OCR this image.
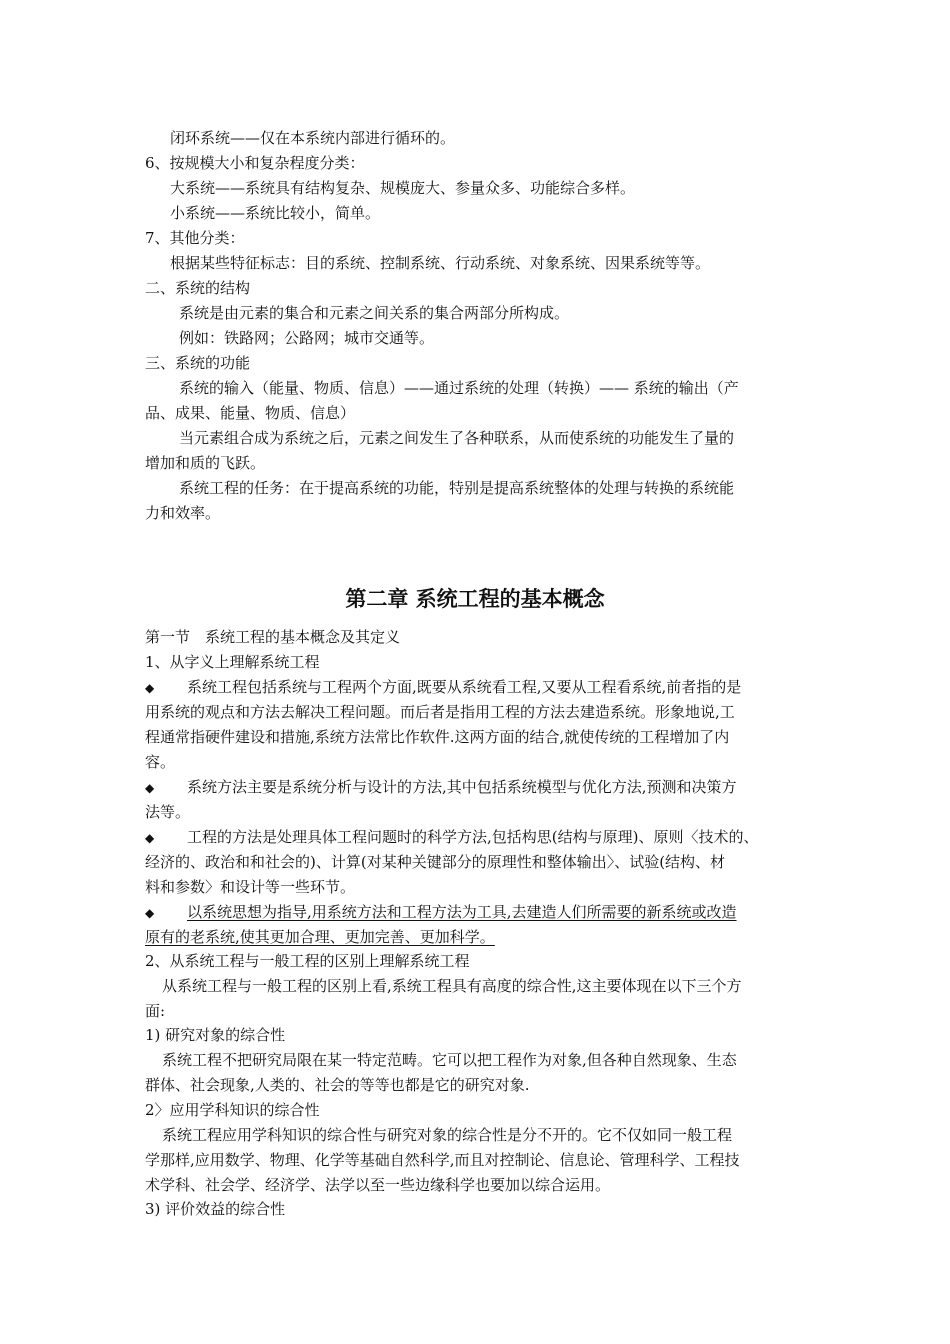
闭环系统——仅在本系统内部进行循环的。
6、按规模大小和复杂程度分类：
大系统——系统具有结构复杂、规模庞大、参量众多、功能综合多样。
小系统——系统比较小，简单。
7、其他分类：
根据某些特征标志：目的系统、控制系统、行动系统、对象系统、因果系统等等。
二、系统的结构
系统是由元素的集合和元素之间关系的集合两部分所构成。
例如：铁路网；公路网；城市交通等。
三、系统的功能
系统的输入（能量、物质、信息）——通过系统的处理（转换）—— 系统的输出（产
品、成果、能量、物质、信息）
当元素组合成为系统之后，元素之间发生了各种联系，从而使系统的功能发生了量的
增加和质的飞跃。
系统工程的任务：在于提高系统的功能，特别是提高系统整体的处理与转换的系统能
力和效率。
第二章 系统工程的基本概念
第一节　系统工程的基本概念及其定义
1、从字义上理解系统工程
◆ 系统工程包括系统与工程两个方面,既要从系统看工程,又要从工程看系统,前者指的是
用系统的观点和方法去解决工程问题。而后者是指用工程的方法去建造系统。形象地说,工
程通常指硬件建设和措施,系统方法常比作软件.这两方面的结合,就使传统的工程增加了内
容。
◆ 系统方法主要是系统分析与设计的方法,其中包括系统模型与优化方法,预测和决策方
法等。
◆ 工程的方法是处理具体工程问题时的科学方法,包括构思(结构与原理)、原则〈技术的、
经济的、政治和和社会的)、计算(对某种关键部分的原理性和整体输出〉、试验(结构、材
料和参数〉和设计等一些环节。
◆ 以系统思想为指导,用系统方法和工程方法为工具,去建造人们所需要的新系统或改造
原有的老系统,使其更加合理、更加完善、更加科学。
2、从系统工程与一般工程的区别上理解系统工程
从系统工程与一般工程的区别上看,系统工程具有高度的综合性,这主要体现在以下三个方
面:
1) 研究对象的综合性
系统工程不把研究局限在某一特定范畴。它可以把工程作为对象,但各种自然现象、生态
群体、社会现象,人类的、社会的等等也都是它的研究对象.
2〉应用学科知识的综合性
系统工程应用学科知识的综合性与研究对象的综合性是分不开的。它不仅如同一般工程
学那样,应用数学、物理、化学等基础自然科学,而且对控制论、信息论、管理科学、工程技
术学科、社会学、经济学、法学以至一些边缘科学也要加以综合运用。
3) 评价效益的综合性
